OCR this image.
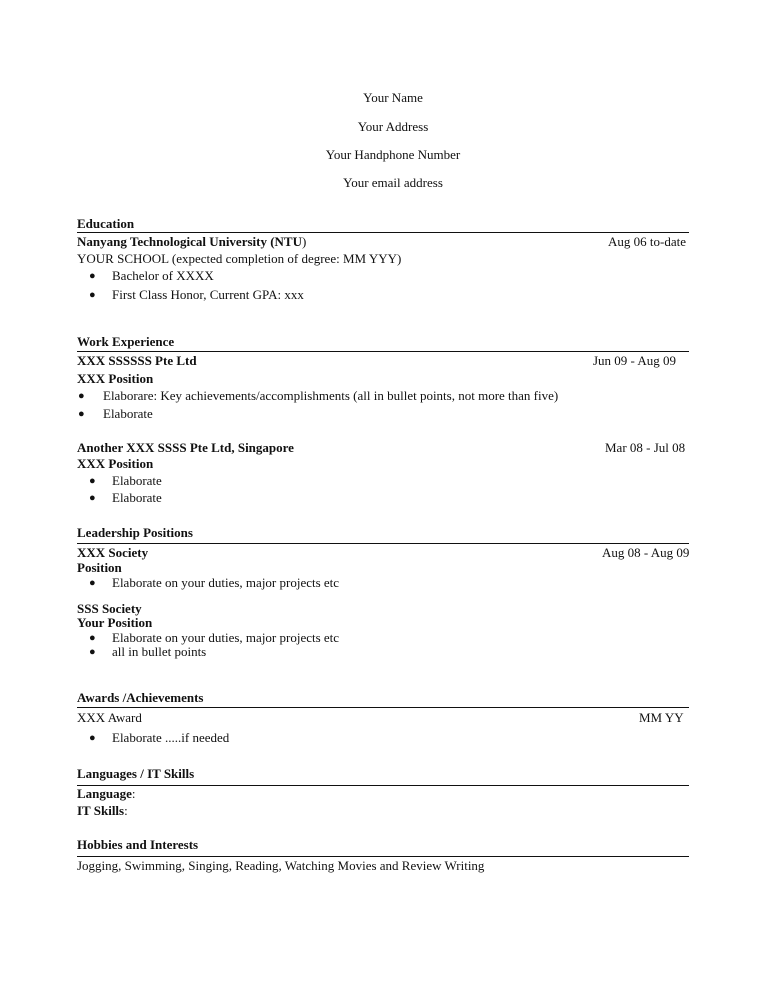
Your Name
Your Address
Your Handphone Number
Your email address
Education
Nanyang Technological University (NTU)	Aug 06 to-date
YOUR SCHOOL (expected completion of degree: MM YYY)
● Bachelor of XXXX
● First Class Honor, Current GPA: xxx
Work Experience
XXX SSSSSS Pte Ltd	Jun 09 - Aug 09
XXX Position
● Elaborare: Key achievements/accomplishments (all in bullet points, not more than five)
● Elaborate
Another XXX SSSS Pte Ltd, Singapore	Mar 08 - Jul 08
XXX Position
● Elaborate
● Elaborate
Leadership Positions
XXX Society	Aug 08 - Aug 09
Position
● Elaborate on your duties, major projects etc
SSS Society
Your Position
● Elaborate on your duties, major projects etc
● all in bullet points
Awards /Achievements
XXX Award	MM YY
● Elaborate .....if needed
Languages / IT Skills
Language:
IT Skills:
Hobbies and Interests
Jogging, Swimming, Singing, Reading, Watching Movies and Review Writing
